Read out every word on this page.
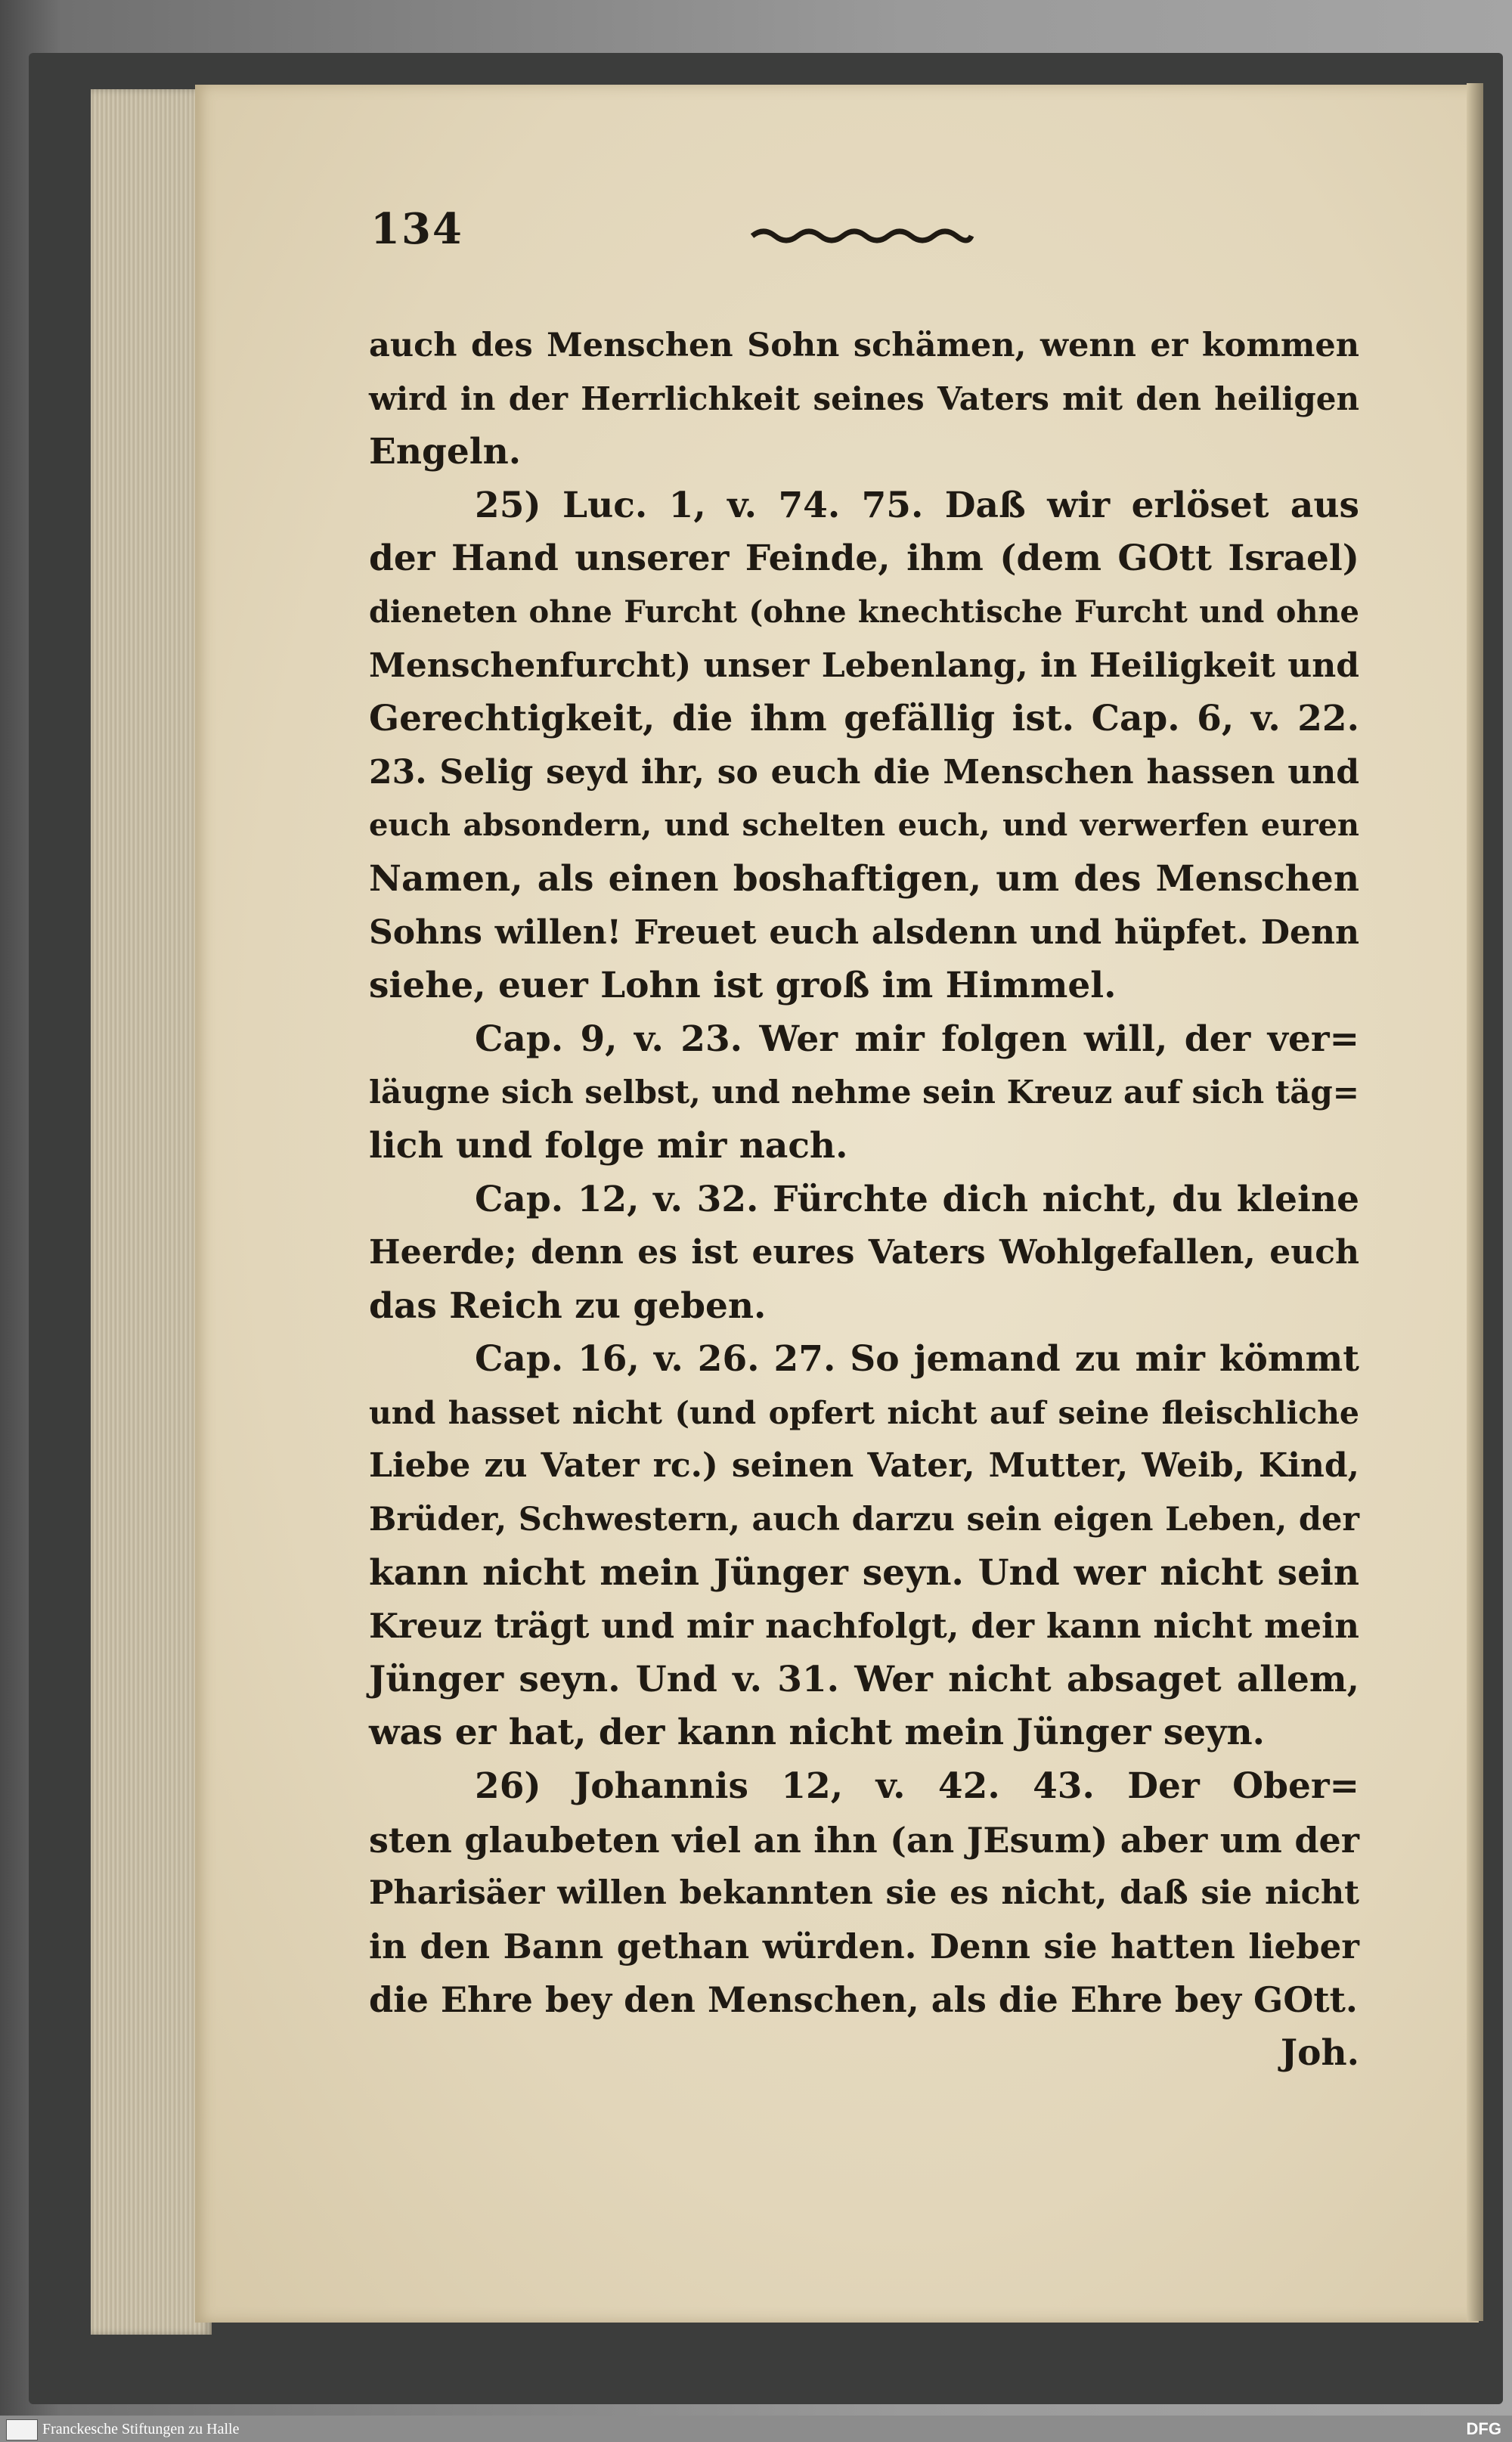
134
auch des Menschen Sohn schämen, wenn er kommen
wird in der Herrlichkeit seines Vaters mit den heiligen
Engeln.
25) Luc. 1, v. 74. 75. Daß wir erlöset aus
der Hand unserer Feinde, ihm (dem GOtt Israel)
dieneten ohne Furcht (ohne knechtische Furcht und ohne
Menschenfurcht) unser Lebenlang, in Heiligkeit und
Gerechtigkeit, die ihm gefällig ist. Cap. 6, v. 22.
23. Selig seyd ihr, so euch die Menschen hassen und
euch absondern, und schelten euch, und verwerfen euren
Namen, als einen boshaftigen, um des Menschen
Sohns willen! Freuet euch alsdenn und hüpfet. Denn
siehe, euer Lohn ist groß im Himmel.
Cap. 9, v. 23. Wer mir folgen will, der ver=
läugne sich selbst, und nehme sein Kreuz auf sich täg=
lich und folge mir nach.
Cap. 12, v. 32. Fürchte dich nicht, du kleine
Heerde; denn es ist eures Vaters Wohlgefallen, euch
das Reich zu geben.
Cap. 16, v. 26. 27. So jemand zu mir kömmt
und hasset nicht (und opfert nicht auf seine fleischliche
Liebe zu Vater rc.) seinen Vater, Mutter, Weib, Kind,
Brüder, Schwestern, auch darzu sein eigen Leben, der
kann nicht mein Jünger seyn. Und wer nicht sein
Kreuz trägt und mir nachfolgt, der kann nicht mein
Jünger seyn. Und v. 31. Wer nicht absaget allem,
was er hat, der kann nicht mein Jünger seyn.
26) Johannis 12, v. 42. 43. Der Ober=
sten glaubeten viel an ihn (an JEsum) aber um der
Pharisäer willen bekannten sie es nicht, daß sie nicht
in den Bann gethan würden. Denn sie hatten lieber
die Ehre bey den Menschen, als die Ehre bey GOtt.
Joh.
Franckesche Stiftungen zu Halle	DFG
